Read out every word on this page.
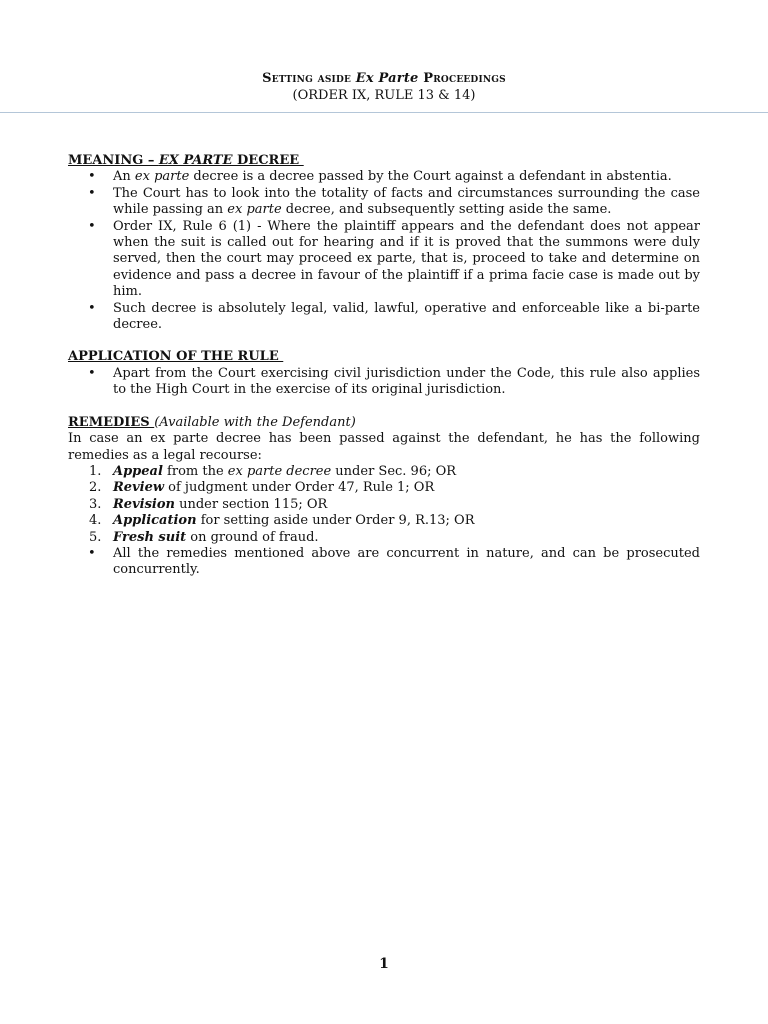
Setting aside Ex Parte Proceedings
(ORDER IX, RULE 13 & 14)

MEANING – EX PARTE DECREE

•	An ex parte decree is a decree passed by the Court against a defendant in abstentia.
•	The Court has to look into the totality of facts and circumstances surrounding the case while passing an ex parte decree, and subsequently setting aside the same.
•	Order IX, Rule 6 (1) - Where the plaintiff appears and the defendant does not appear when the suit is called out for hearing and if it is proved that the summons were duly served, then the court may proceed ex parte, that is, proceed to take and determine on evidence and pass a decree in favour of the plaintiff if a prima facie case is made out by him.
•	Such decree is absolutely legal, valid, lawful, operative and enforceable like a bi-parte decree.

APPLICATION OF THE RULE

•	Apart from the Court exercising civil jurisdiction under the Code, this rule also applies to the High Court in the exercise of its original jurisdiction.

REMEDIES (Available with the Defendant)

In case an ex parte decree has been passed against the defendant, he has the following remedies as a legal recourse:

1. Appeal from the ex parte decree under Sec. 96; OR
2. Review of judgment under Order 47, Rule 1; OR
3. Revision under section 115; OR
4. Application for setting aside under Order 9, R.13; OR
5. Fresh suit on ground of fraud.
•	All the remedies mentioned above are concurrent in nature, and can be prosecuted concurrently.
1
